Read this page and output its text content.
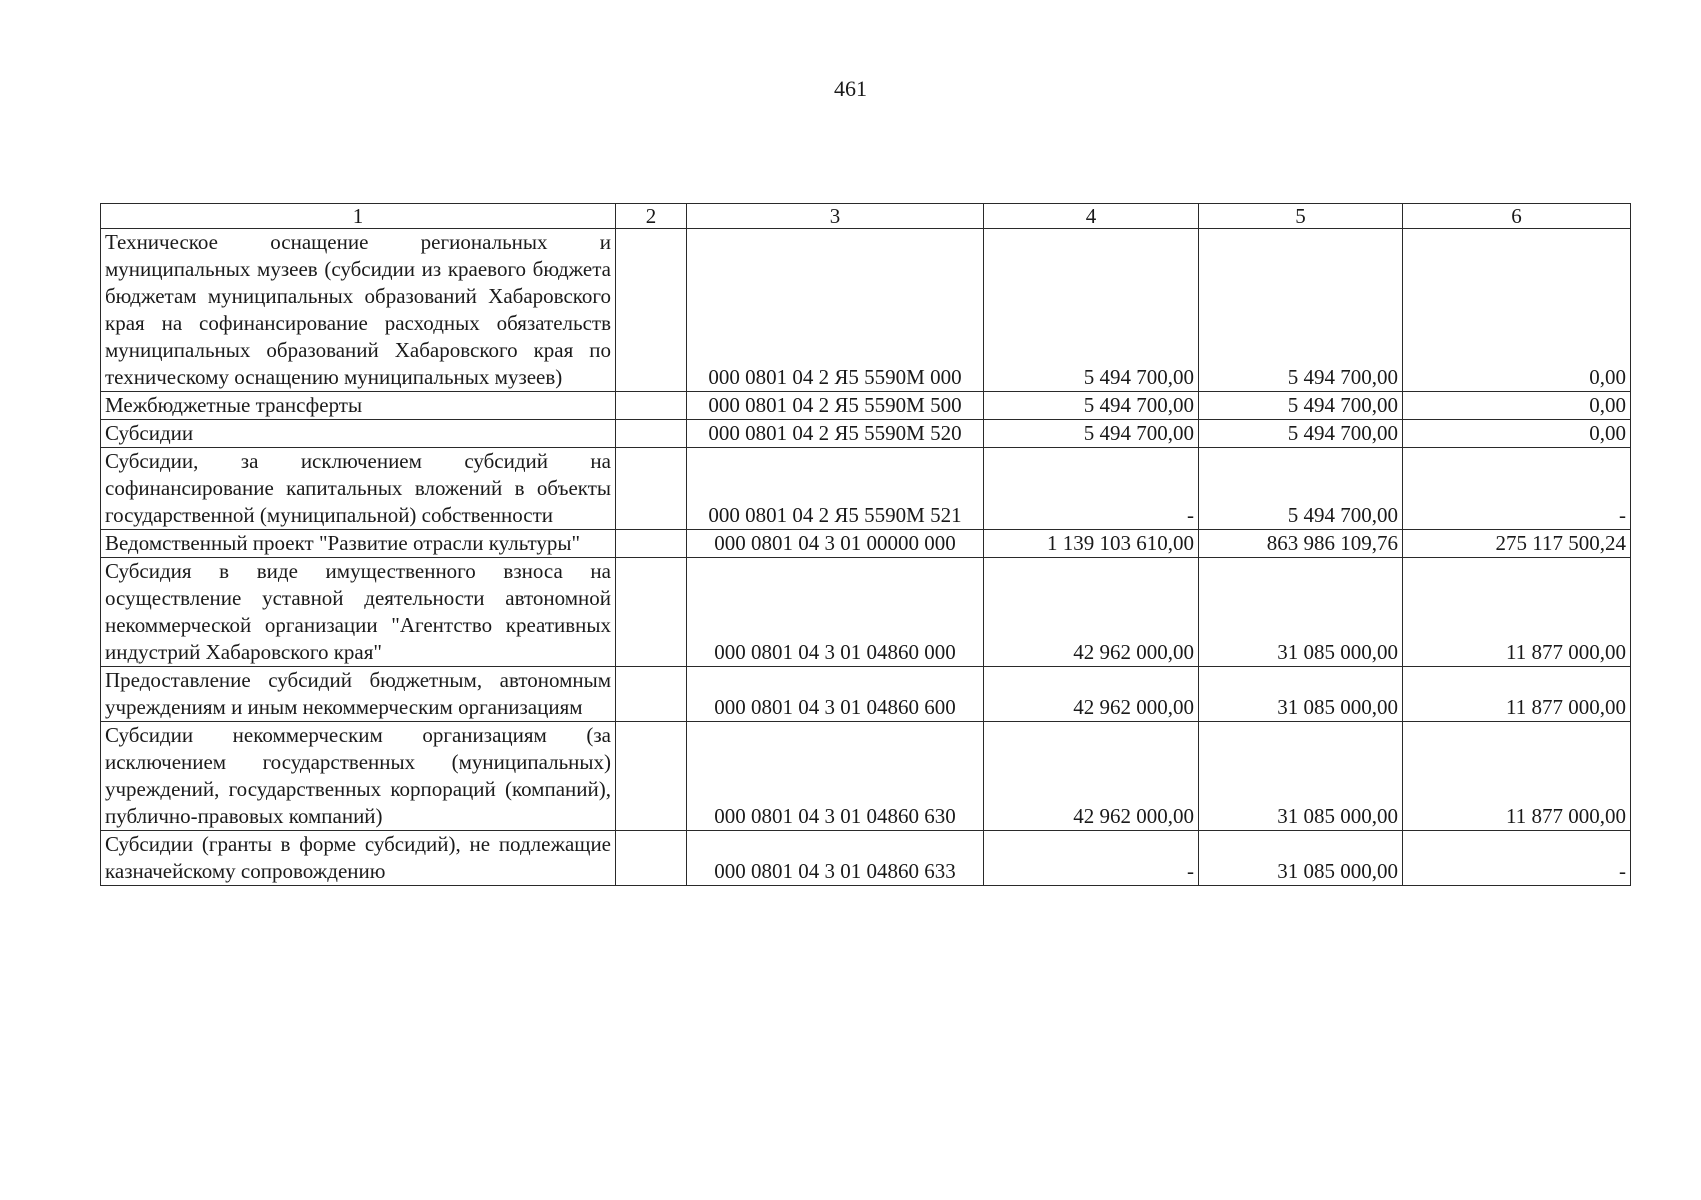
461
1	2	3	4	5	6
Техническое оснащение региональных и муниципальных музеев (субсидии из краевого бюджета бюджетам муниципальных образований Хабаровского края на софинансирование расходных обязательств муниципальных образований Хабаровского края по техническому оснащению муниципальных музеев)		000 0801 04 2 Я5 5590М 000	5 494 700,00	5 494 700,00	0,00
Межбюджетные трансферты		000 0801 04 2 Я5 5590М 500	5 494 700,00	5 494 700,00	0,00
Субсидии		000 0801 04 2 Я5 5590М 520	5 494 700,00	5 494 700,00	0,00
Субсидии, за исключением субсидий на софинансирование капитальных вложений в объекты государственной (муниципальной) собственности		000 0801 04 2 Я5 5590М 521	-	5 494 700,00	-
Ведомственный проект "Развитие отрасли культуры"		000 0801 04 3 01 00000 000	1 139 103 610,00	863 986 109,76	275 117 500,24
Субсидия в виде имущественного взноса на осуществление уставной деятельности автономной некоммерческой организации "Агентство креативных индустрий Хабаровского края"		000 0801 04 3 01 04860 000	42 962 000,00	31 085 000,00	11 877 000,00
Предоставление субсидий бюджетным, автономным учреждениям и иным некоммерческим организациям		000 0801 04 3 01 04860 600	42 962 000,00	31 085 000,00	11 877 000,00
Субсидии некоммерческим организациям (за исключением государственных (муниципальных) учреждений, государственных корпораций (компаний), публично-правовых компаний)		000 0801 04 3 01 04860 630	42 962 000,00	31 085 000,00	11 877 000,00
Субсидии (гранты в форме субсидий), не подлежащие казначейскому сопровождению		000 0801 04 3 01 04860 633	-	31 085 000,00	-
